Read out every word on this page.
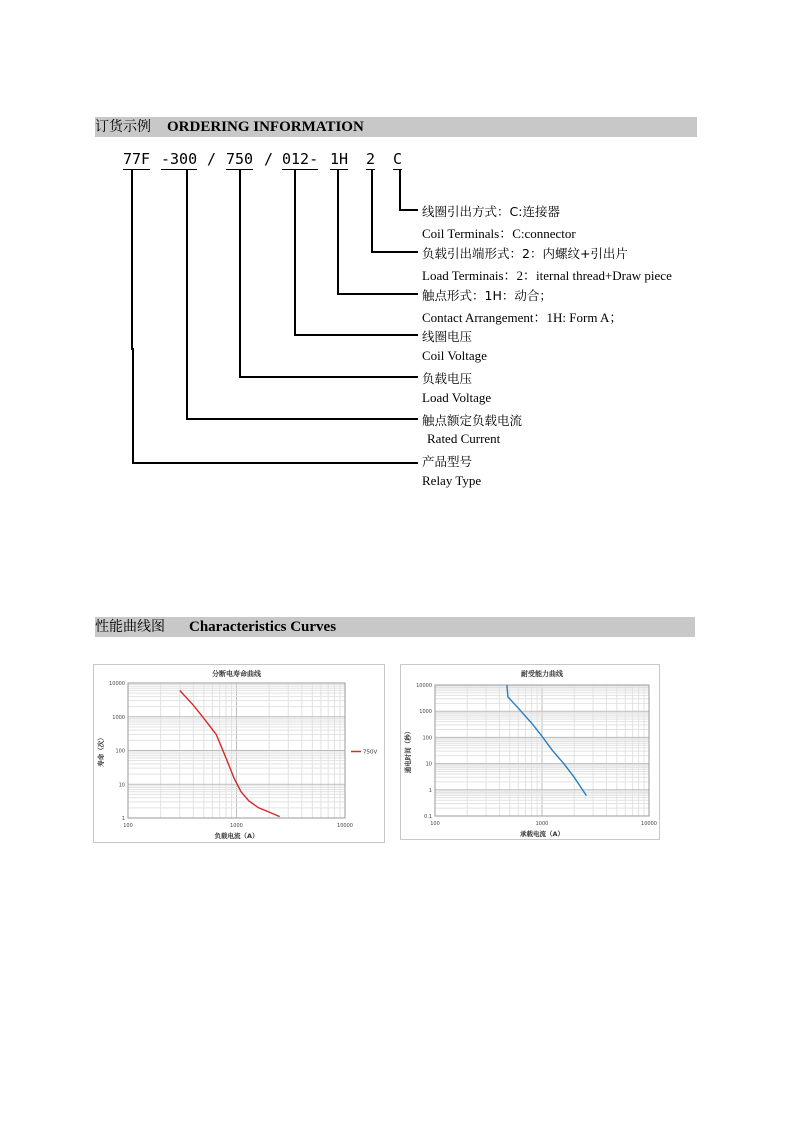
订货示例 ORDERING INFORMATION
77F -300 / 750 / 012- 1H 2 C
线圈引出方式：C:连接器
Coil Terminals：C:connector
负载引出端形式：2：内螺纹+引出片
Load Terminais：2：iternal thread+Draw piece
触点形式：1H：动合；
Contact Arrangement：1H: Form A；
线圈电压
Coil Voltage
负载电压
Load Voltage
触点额定负载电流
Rated Current
产品型号
Relay Type
性能曲线图 Characteristics Curves
分断电寿命曲线
100	1000	10000
1
10
100
1000
10000
负载电流（A）
寿命（次）	750V
耐受能力曲线
100	1000	10000
0.1
1
10
100
1000
10000
承载电流（A）
通电时间（秒）
